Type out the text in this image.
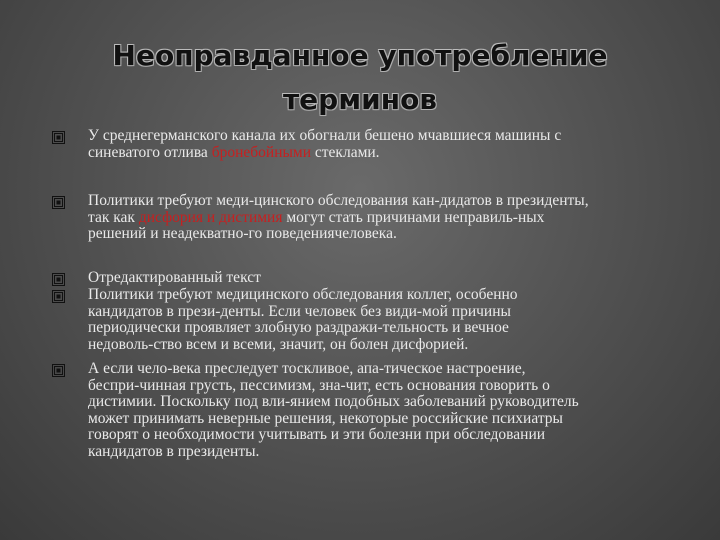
Неоправданное употребление
терминов
У среднегерманского канала их обогнали бешено мчавшиеся машины с
синеватого отлива бронебойными стеклами.
Политики требуют меди-цинского обследования кан-дидатов в президенты,
так как дисфория и дистимия могут стать причинами неправиль-ных
решений и неадекватно-го поведениячеловека.
Отредактированный текст
Политики требуют медицинского обследования коллег, особенно
кандидатов в прези-денты. Если человек без види-мой причины
периодически проявляет злобную раздражи-тельность и вечное
недоволь-ство всем и всеми, значит, он болен дисфорией.
А если чело-века преследует тоскливое, апа-тическое настроение,
беспри-чинная грусть, пессимизм, зна-чит, есть основания говорить о
дистимии. Поскольку под вли-янием подобных заболеваний руководитель
может принимать неверные решения, некоторые российские психиатры
говорят о необходимости учитывать и эти болезни при обследовании
кандидатов в президенты.
